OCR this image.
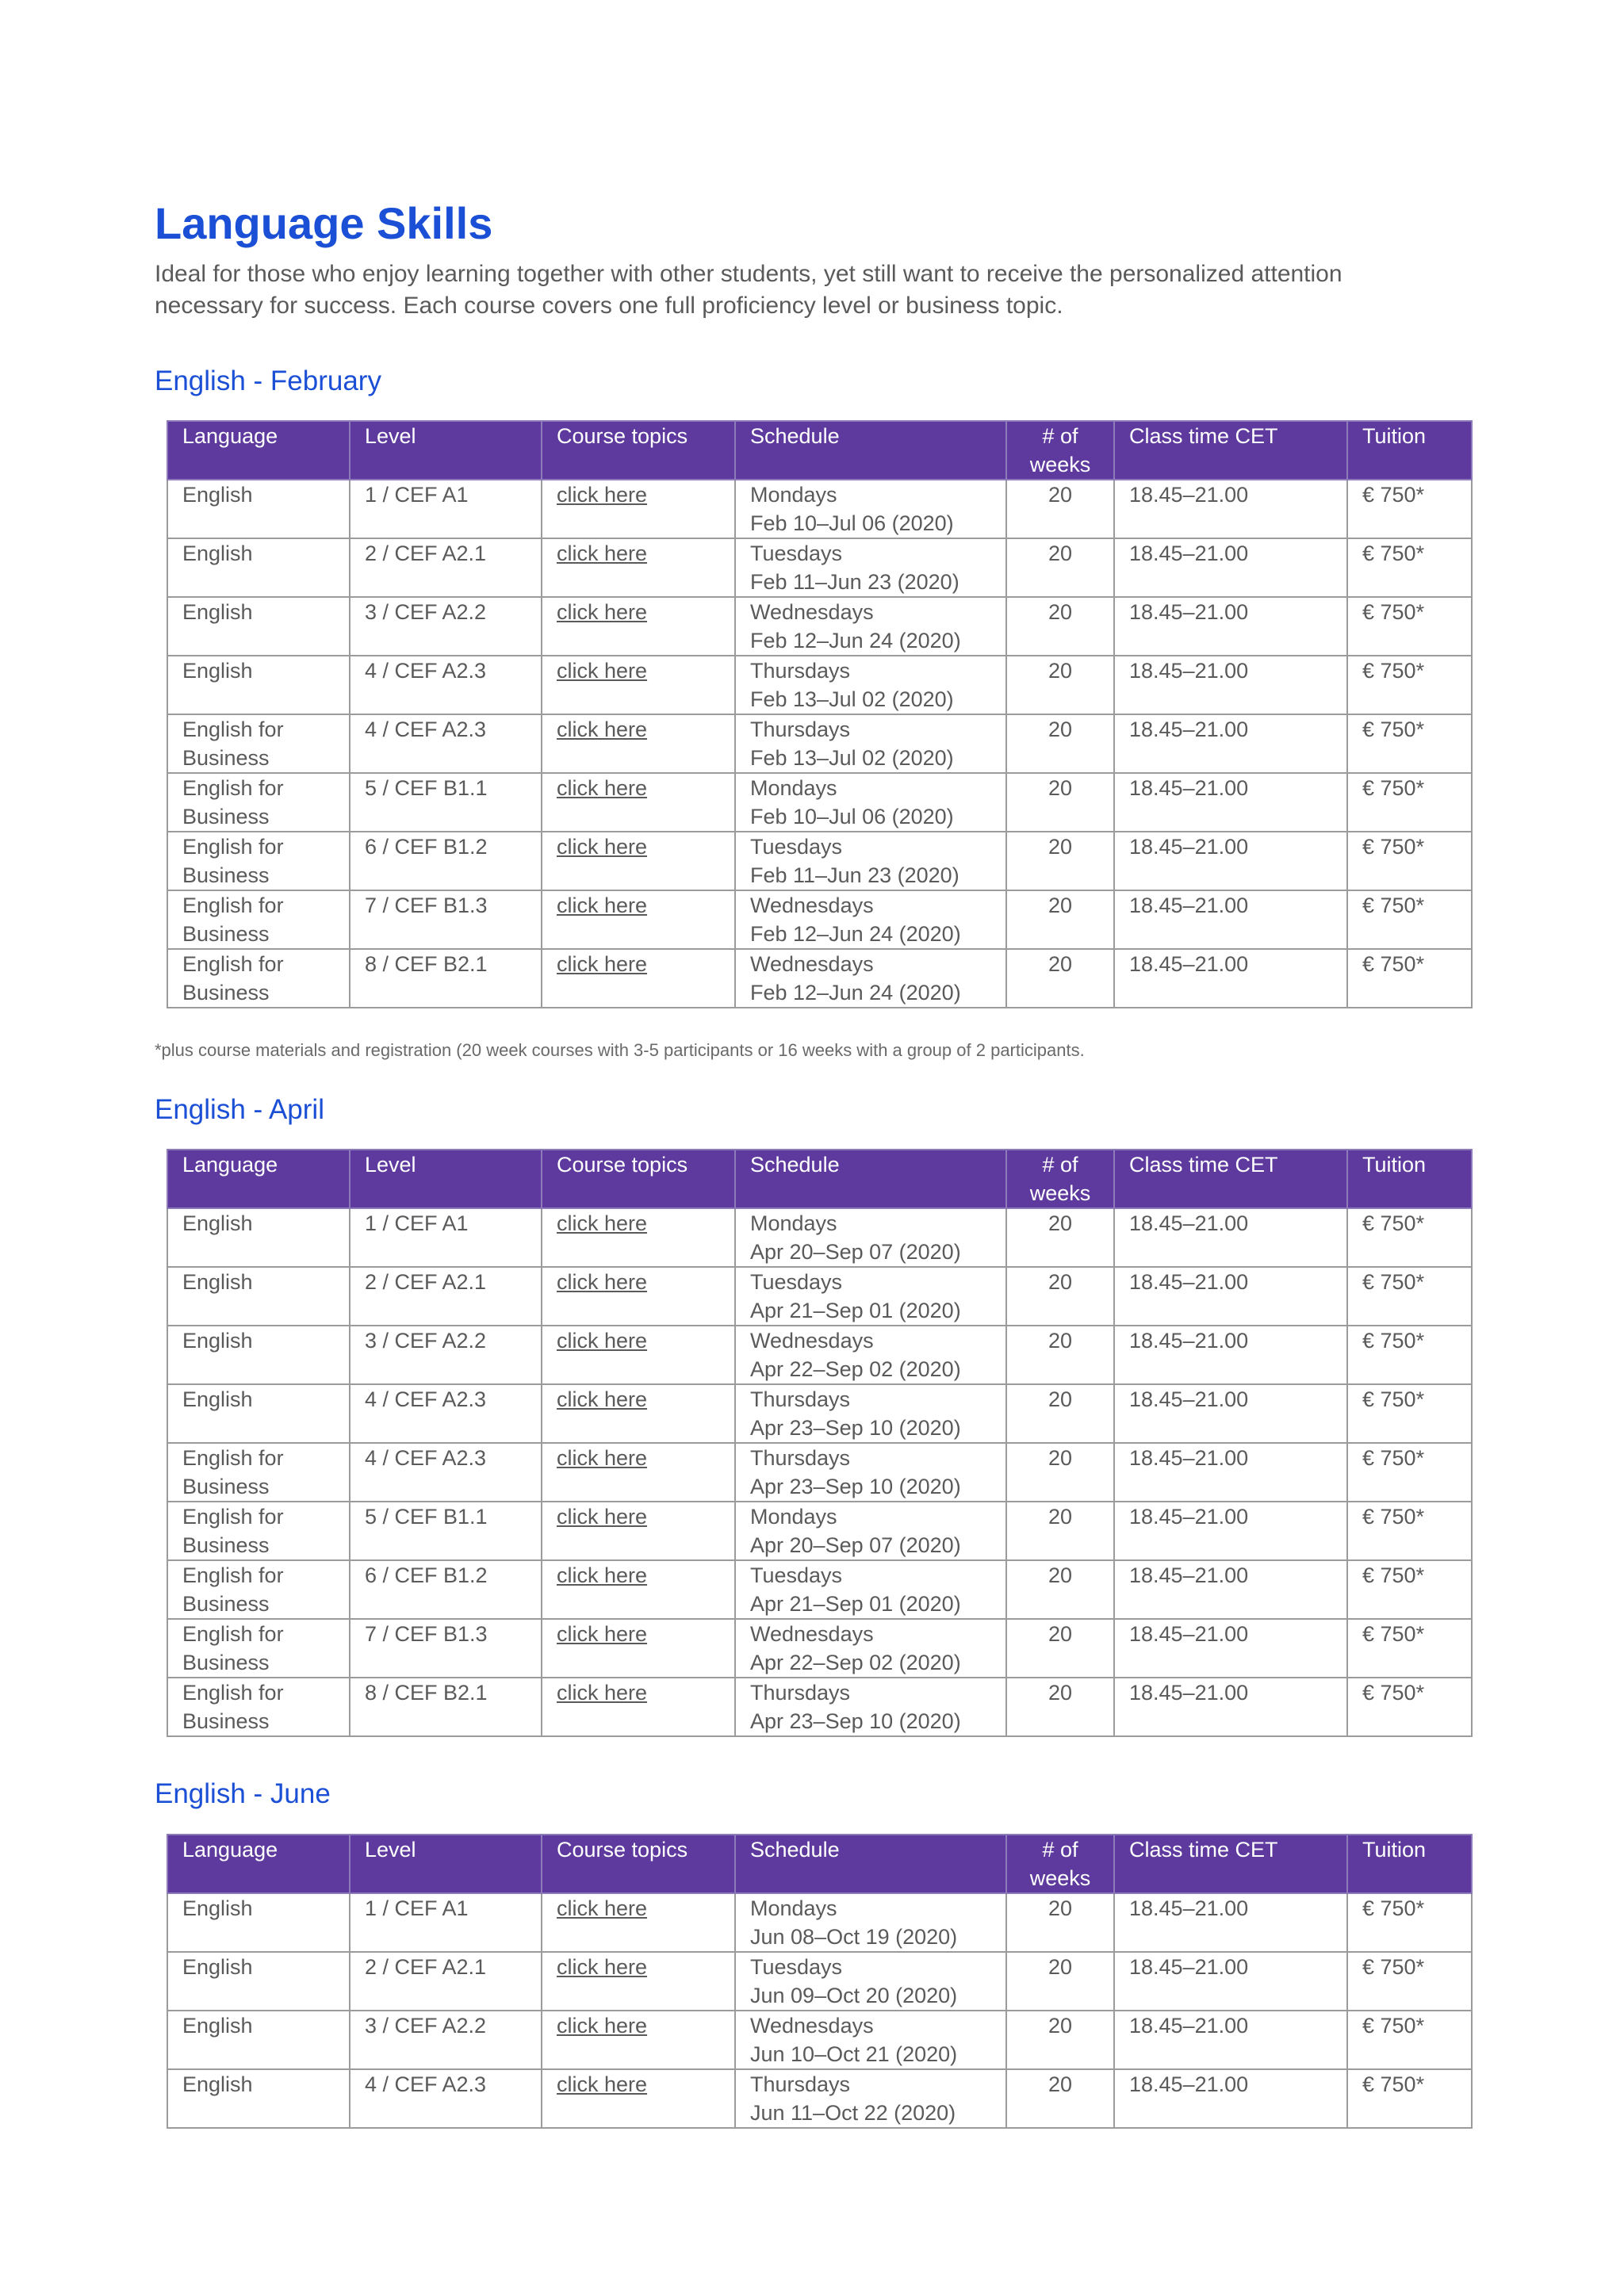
Language Skills

Ideal for those who enjoy learning together with other students, yet still want to receive the personalized attention necessary for success. Each course covers one full proficiency level or business topic.

English - February
Language	Level	Course topics	Schedule	# of weeks	Class time CET	Tuition
English	1 / CEF A1	click here	Mondays
Feb 10–Jul 06 (2020)	20	18.45–21.00	€ 750*
English	2 / CEF A2.1	click here	Tuesdays
Feb 11–Jun 23 (2020)	20	18.45–21.00	€ 750*
English	3 / CEF A2.2	click here	Wednesdays
Feb 12–Jun 24 (2020)	20	18.45–21.00	€ 750*
English	4 / CEF A2.3	click here	Thursdays
Feb 13–Jul 02 (2020)	20	18.45–21.00	€ 750*
English for Business	4 / CEF A2.3	click here	Thursdays
Feb 13–Jul 02 (2020)	20	18.45–21.00	€ 750*
English for Business	5 / CEF B1.1	click here	Mondays
Feb 10–Jul 06 (2020)	20	18.45–21.00	€ 750*
English for Business	6 / CEF B1.2	click here	Tuesdays
Feb 11–Jun 23 (2020)	20	18.45–21.00	€ 750*
English for Business	7 / CEF B1.3	click here	Wednesdays
Feb 12–Jun 24 (2020)	20	18.45–21.00	€ 750*
English for Business	8 / CEF B2.1	click here	Wednesdays
Feb 12–Jun 24 (2020)	20	18.45–21.00	€ 750*

*plus course materials and registration (20 week courses with 3-5 participants or 16 weeks with a group of 2 participants.

English - April
Language	Level	Course topics	Schedule	# of weeks	Class time CET	Tuition
English	1 / CEF A1	click here	Mondays
Apr 20–Sep 07 (2020)	20	18.45–21.00	€ 750*
English	2 / CEF A2.1	click here	Tuesdays
Apr 21–Sep 01 (2020)	20	18.45–21.00	€ 750*
English	3 / CEF A2.2	click here	Wednesdays
Apr 22–Sep 02 (2020)	20	18.45–21.00	€ 750*
English	4 / CEF A2.3	click here	Thursdays
Apr 23–Sep 10 (2020)	20	18.45–21.00	€ 750*
English for Business	4 / CEF A2.3	click here	Thursdays
Apr 23–Sep 10 (2020)	20	18.45–21.00	€ 750*
English for Business	5 / CEF B1.1	click here	Mondays
Apr 20–Sep 07 (2020)	20	18.45–21.00	€ 750*
English for Business	6 / CEF B1.2	click here	Tuesdays
Apr 21–Sep 01 (2020)	20	18.45–21.00	€ 750*
English for Business	7 / CEF B1.3	click here	Wednesdays
Apr 22–Sep 02 (2020)	20	18.45–21.00	€ 750*
English for Business	8 / CEF B2.1	click here	Thursdays
Apr 23–Sep 10 (2020)	20	18.45–21.00	€ 750*
English - June
Language	Level	Course topics	Schedule	# of weeks	Class time CET	Tuition
English	1 / CEF A1	click here	Mondays
Jun 08–Oct 19 (2020)	20	18.45–21.00	€ 750*
English	2 / CEF A2.1	click here	Tuesdays
Jun 09–Oct 20 (2020)	20	18.45–21.00	€ 750*
English	3 / CEF A2.2	click here	Wednesdays
Jun 10–Oct 21 (2020)	20	18.45–21.00	€ 750*
English	4 / CEF A2.3	click here	Thursdays
Jun 11–Oct 22 (2020)	20	18.45–21.00	€ 750*
